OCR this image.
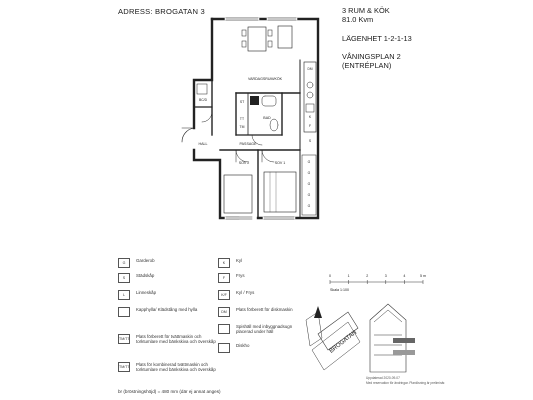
ADRESS: BROGATAN 3	3 RUM & KÖK
81.0 Kvm
LÄGENHET 1-2-1-13
VÅNINGSPLAN 2
(ENTRÉPLAN)
VARDAGSRUM/KÖK
BC/D
HALL	PASSAGE
SOV 2	SOV 1
BAD
ST
TT
TM
DM
K
F
S
G
G
G
G
G
0	1	2	3	4	5 m
Skala 1:100
BROGATAN
G	Garderob
S	Städskåp
L	Linneskåp
Kapphylla/ Klädstång med hylla
TM/TT Plats förberett för tvättmaskin och torktumlare med bänkskiva och överskåp
TM/TT Plats för kombinerad tvättmaskin och torktumlare med bänkskiva och överskåp
K	Kyl
F	Frys
K/F	Kyl / Frys
DM	Plats förberett för diskmaskin
Spishäll med inbyggnadsugn placerad under häll
Diskho
br (bröstningshöjd) = 480 mm (där ej annat anges)
Uppdaterad 2020-09-07
Med reservation för ändringar. Planlösning är preliminär.
